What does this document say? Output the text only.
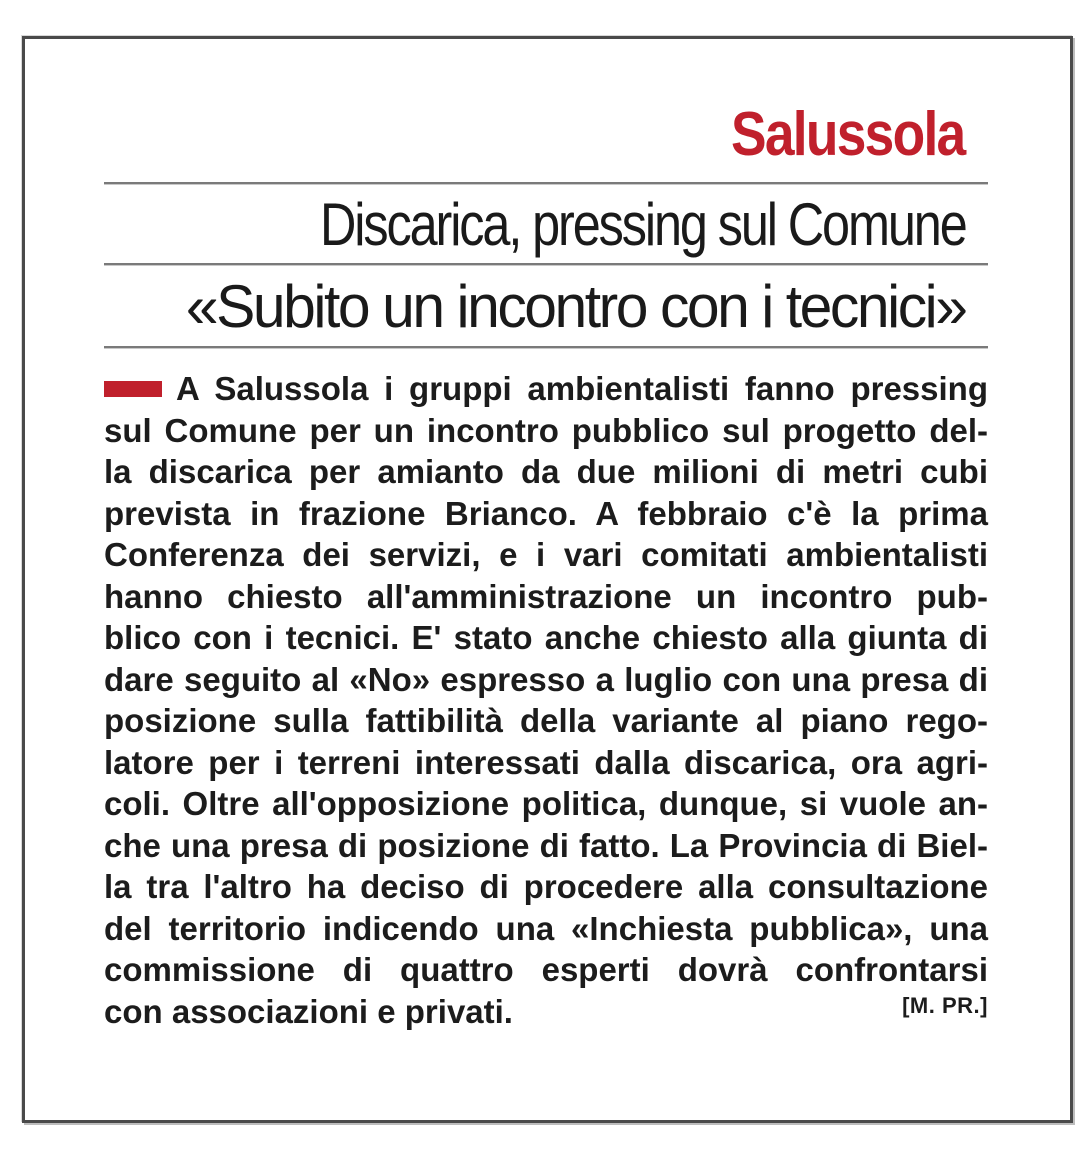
Salussola
Discarica, pressing sul Comune
«Subito un incontro con i tecnici»
A Salussola i gruppi ambientalisti fanno pressing
sul Comune per un incontro pubblico sul progetto del-
la discarica per amianto da due milioni di metri cubi
prevista in frazione Brianco. A febbraio c'è la prima
Conferenza dei servizi, e i vari comitati ambientalisti
hanno chiesto all'amministrazione un incontro pub-
blico con i tecnici. E' stato anche chiesto alla giunta di
dare seguito al «No» espresso a luglio con una presa di
posizione sulla fattibilità della variante al piano rego-
latore per i terreni interessati dalla discarica, ora agri-
coli. Oltre all'opposizione politica, dunque, si vuole an-
che una presa di posizione di fatto. La Provincia di Biel-
la tra l'altro ha deciso di procedere alla consultazione
del territorio indicendo una «Inchiesta pubblica», una
commissione di quattro esperti dovrà confrontarsi
con associazioni e privati.	[M. PR.]
